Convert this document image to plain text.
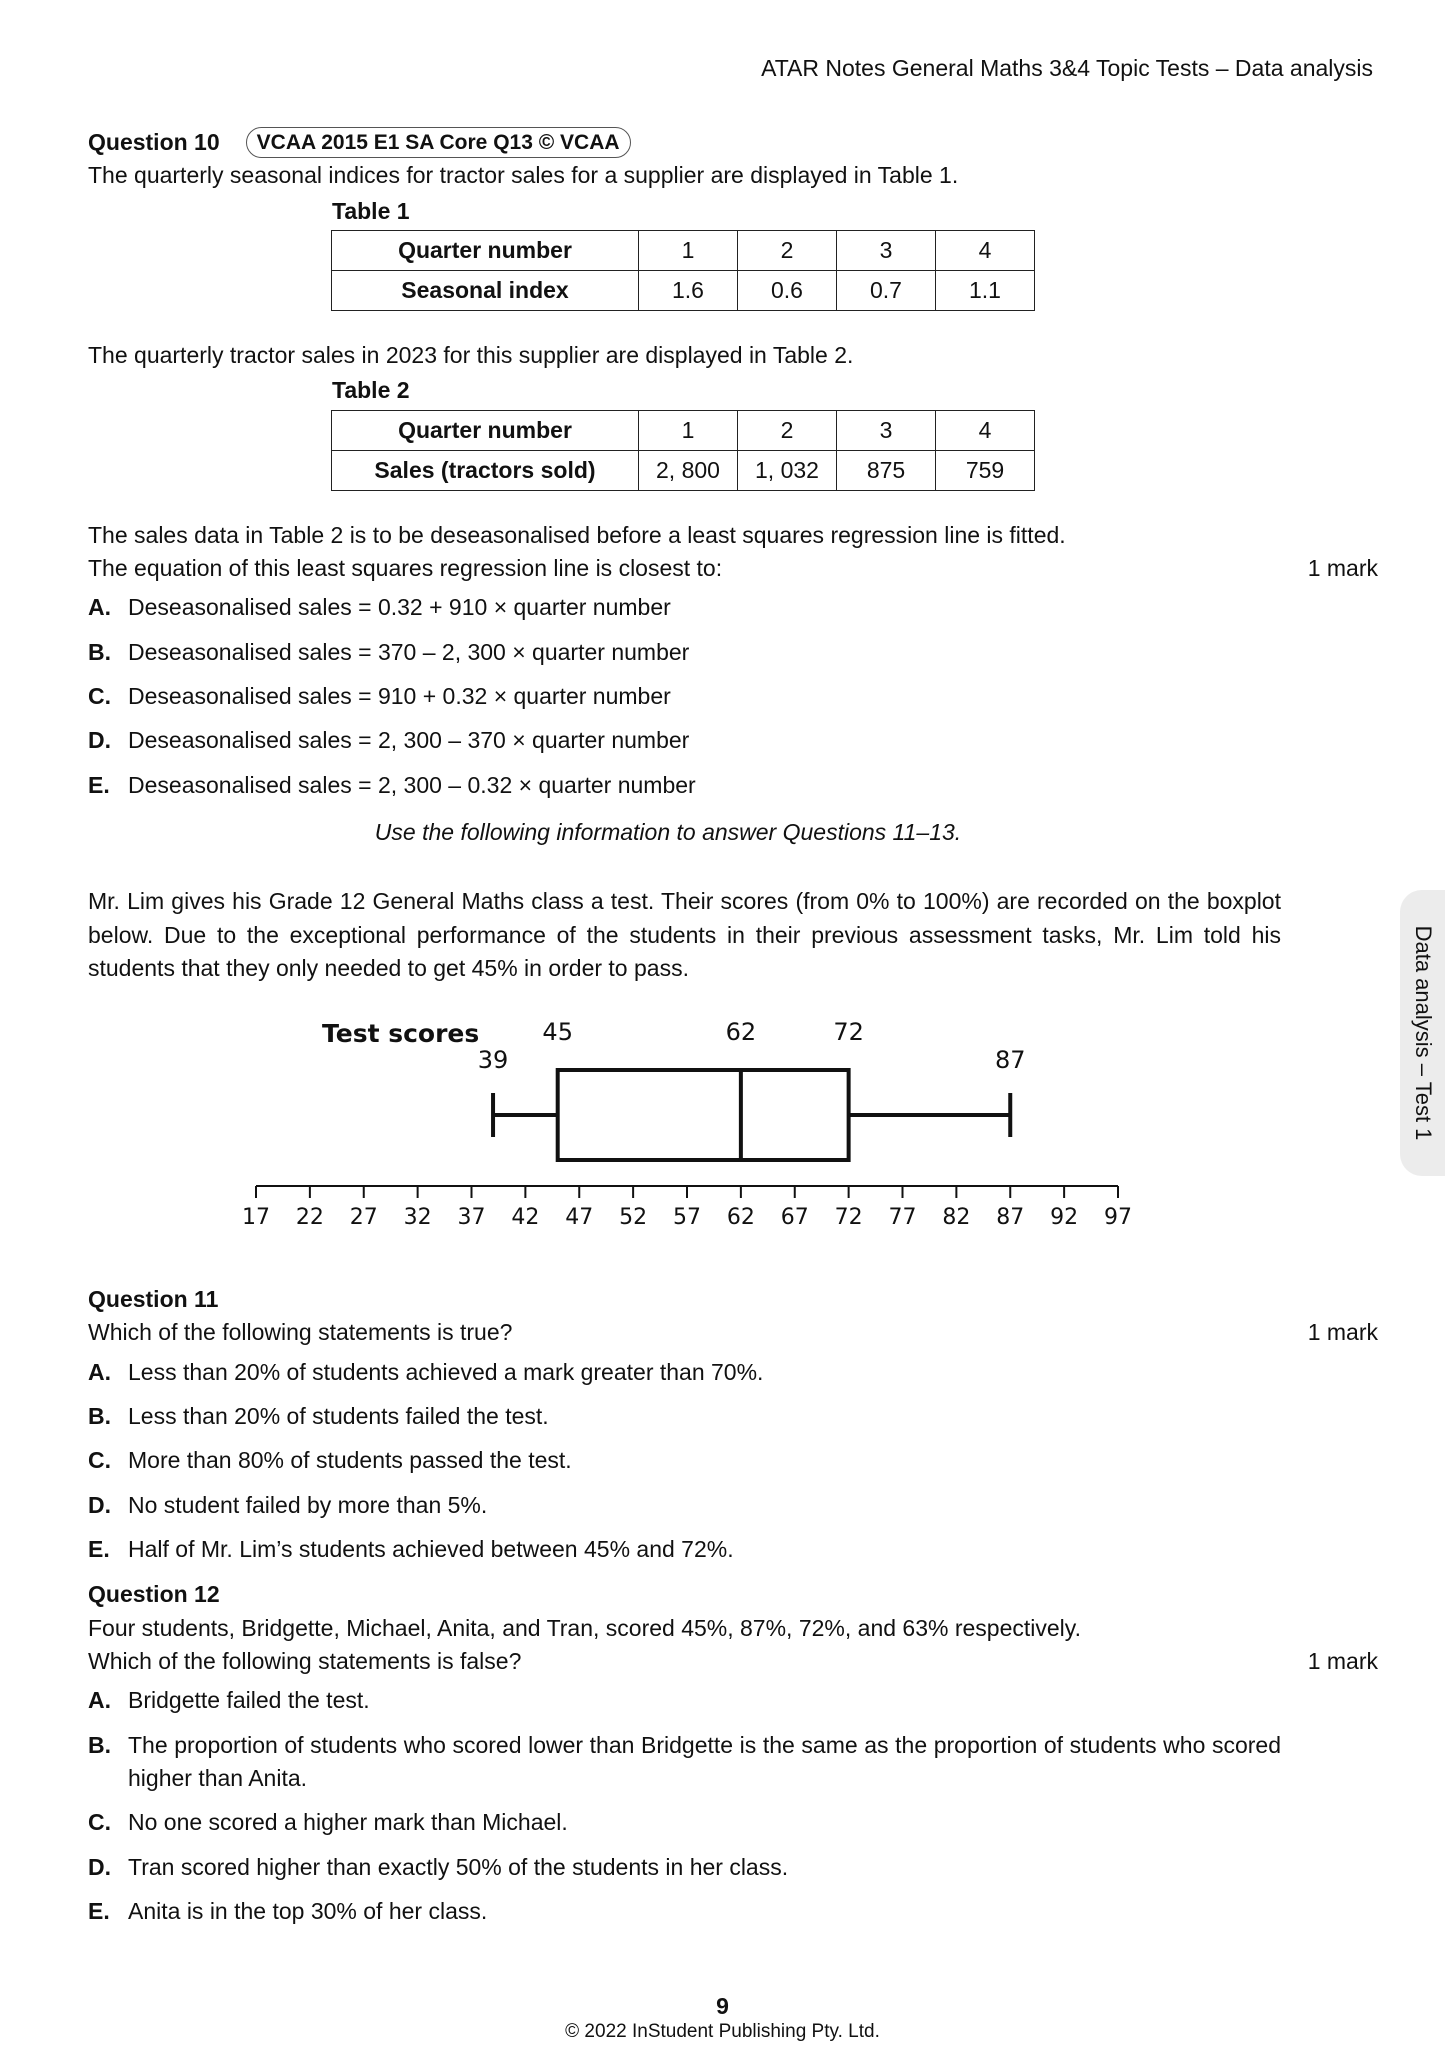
ATAR Notes General Maths 3&4 Topic Tests – Data analysis
Data analysis – Test 1
Question 10	VCAA 2015 E1 SA Core Q13 © VCAA
The quarterly seasonal indices for tractor sales for a supplier are displayed in Table 1.
Table 1
Quarter number	1	2	3	4
Seasonal index	1.6	0.6	0.7	1.1
The quarterly tractor sales in 2023 for this supplier are displayed in Table 2.
Table 2
Quarter number	1	2	3	4
Sales (tractors sold)	2, 800	1, 032	875	759
The sales data in Table 2 is to be deseasonalised before a least squares regression line is fitted.
The equation of this least squares regression line is closest to:	1 mark
A. Deseasonalised sales = 0.32 + 910 × quarter number
B. Deseasonalised sales = 370 – 2, 300 × quarter number
C. Deseasonalised sales = 910 + 0.32 × quarter number
D. Deseasonalised sales = 2, 300 – 370 × quarter number
E. Deseasonalised sales = 2, 300 – 0.32 × quarter number
Use the following information to answer Questions 11–13.
Mr. Lim gives his Grade 12 General Maths class a test. Their scores (from 0% to 100%) are recorded on the boxplot below. Due to the exceptional performance of the students in their previous assessment tasks, Mr. Lim told his students that they only needed to get 45% in order to pass.
Test scores
39
45	62	72
87
17 22 27 32 37 42 47 52 57 62 67 72 77 82 87 92 97
Question 11
Which of the following statements is true?	1 mark
A. Less than 20% of students achieved a mark greater than 70%.
B. Less than 20% of students failed the test.
C. More than 80% of students passed the test.
D. No student failed by more than 5%.
E. Half of Mr. Lim’s students achieved between 45% and 72%.
Question 12
Four students, Bridgette, Michael, Anita, and Tran, scored 45%, 87%, 72%, and 63% respectively.
Which of the following statements is false?	1 mark
A. Bridgette failed the test.
B. The proportion of students who scored lower than Bridgette is the same as the proportion of students who scored higher than Anita.
C. No one scored a higher mark than Michael.
D. Tran scored higher than exactly 50% of the students in her class.
E. Anita is in the top 30% of her class.
9
© 2022 InStudent Publishing Pty. Ltd.
